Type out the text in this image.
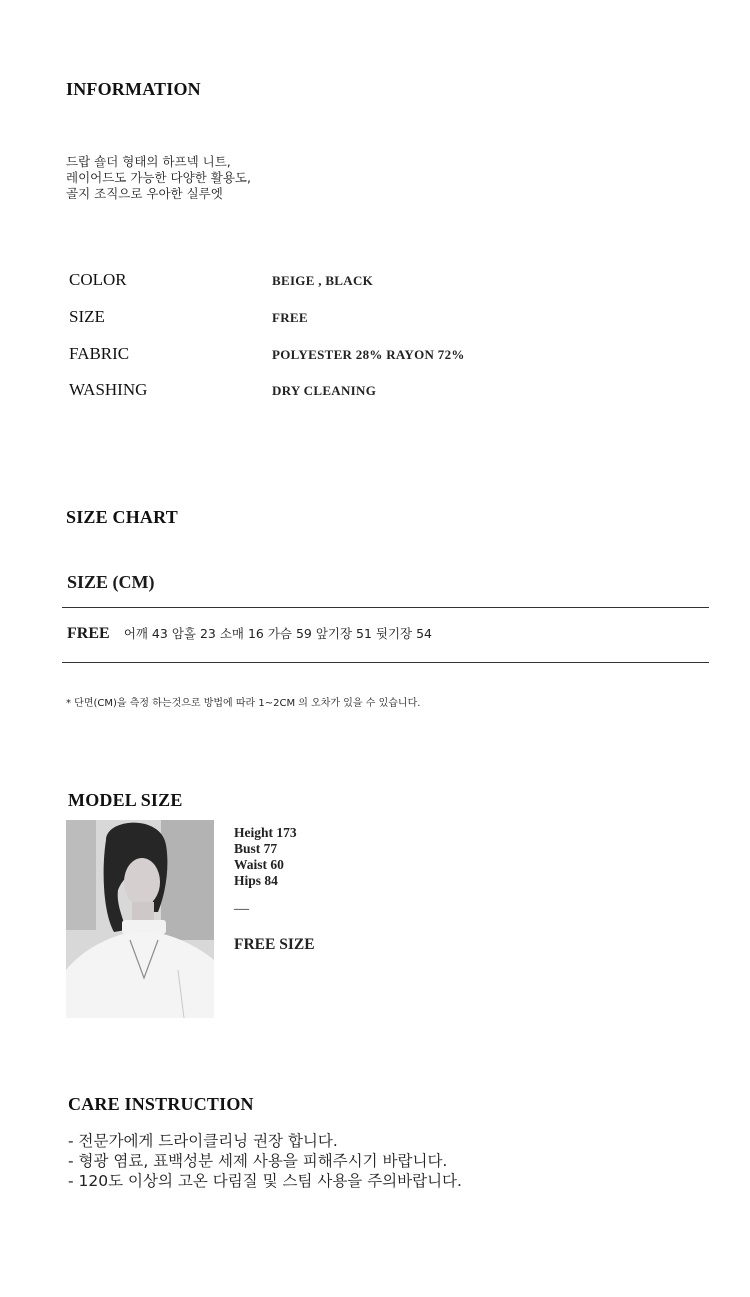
INFORMATION
드랍 숄더 형태의 하프넥 니트,
레이어드도 가능한 다양한 활용도,
골지 조직으로 우아한 실루엣
COLOR	BEIGE , BLACK
SIZE	FREE
FABRIC	POLYESTER 28% RAYON 72%
WASHING	DRY CLEANING
SIZE CHART
SIZE (CM)
FREE 어깨 43 암홀 23 소매 16 가슴 59 앞기장 51 뒷기장 54
* 단면(CM)을 측정 하는것으로 방법에 따라 1~2CM 의 오차가 있을 수 있습니다.
MODEL SIZE
Height 173
Bust 77
Waist 60
Hips 84
—
FREE SIZE
CARE INSTRUCTION
- 전문가에게 드라이클리닝 권장 합니다.
- 형광 염료, 표백성분 세제 사용을 피해주시기 바랍니다.
- 120도 이상의 고온 다림질 및 스팀 사용을 주의바랍니다.
